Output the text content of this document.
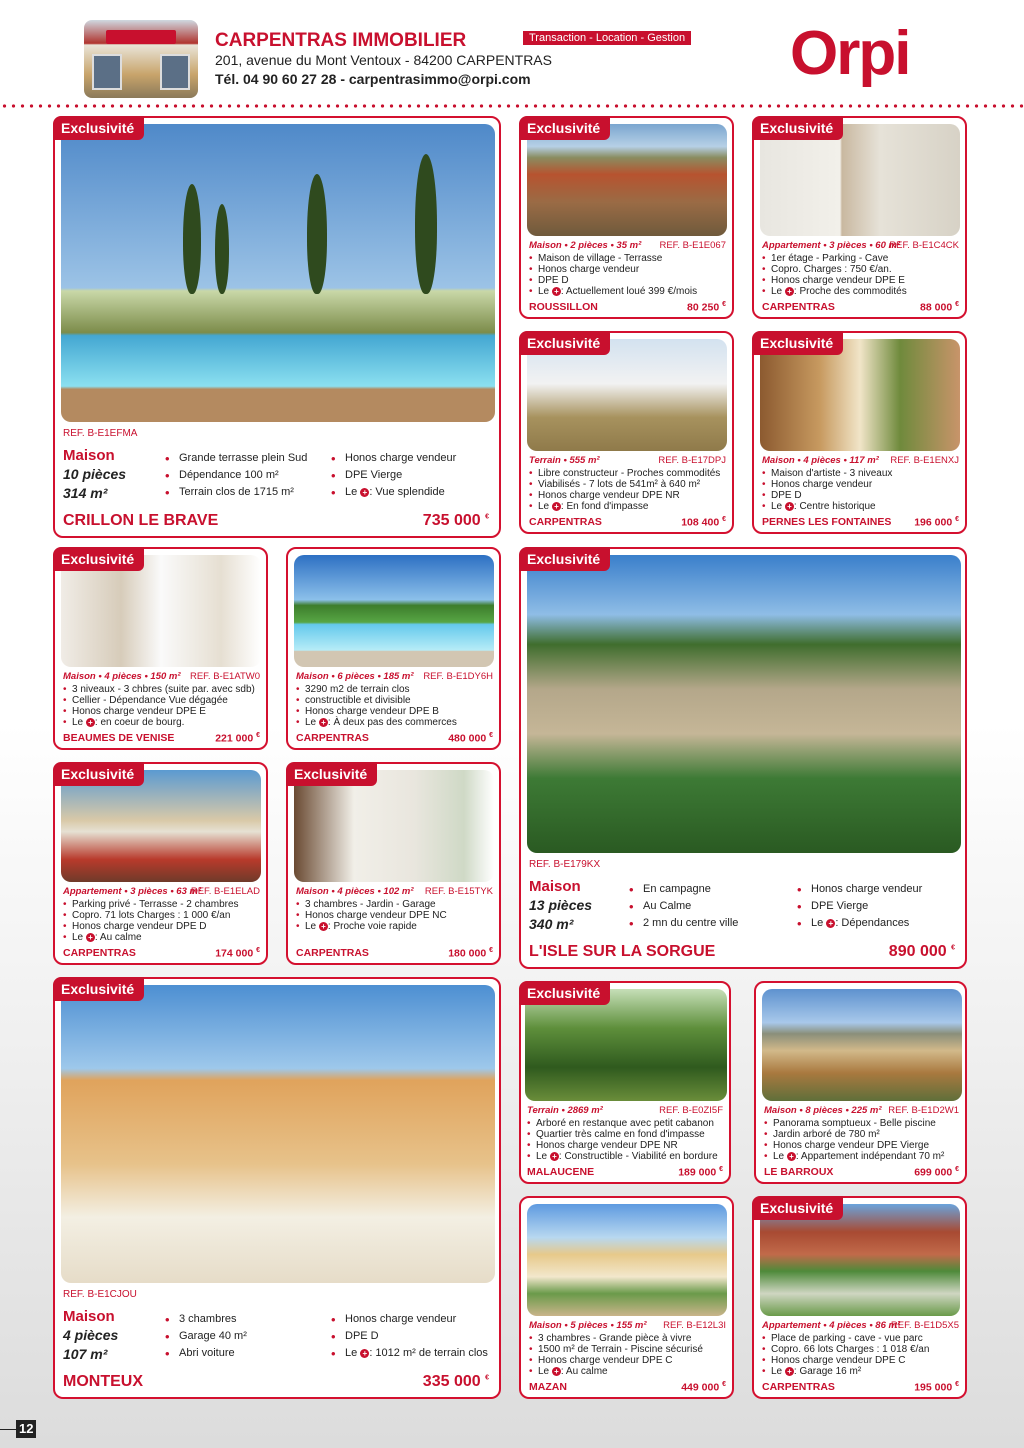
CARPENTRAS IMMOBILIER
201, avenue du Mont Ventoux - 84200 CARPENTRAS
Tél. 04 90 60 27 28 - carpentrasimmo@orpi.com
Transaction - Location - Gestion Orpi
Exclusivité
REF. B-E1EFMA
Maison
10 pièces
314 m²
• Grande terrasse plein Sud
• Dépendance 100 m²
• Terrain clos de 1715 m²
• Honos charge vendeur
• DPE Vierge
• Le + : Vue splendide
CRILLON LE BRAVE	735 000 €
Exclusivité
Maison • 2 pièces • 35 m² REF. B-E1E067
• Maison de village - Terrasse
• Honos charge vendeur
• DPE D
• Le + : Actuellement loué 399 €/mois
ROUSSILLON	80 250 €
Exclusivité
Appartement • 3 pièces • 60 m²
REF. B-E1C4CK
• 1er étage - Parking - Cave
• Copro. Charges : 750 €/an.
• Honos charge vendeur DPE E
• Le + : Proche des commodités
CARPENTRAS	88 000 €
Exclusivité
Terrain • 555 m²	REF. B-E17DPJ
• Libre constructeur - Proches commodités
• Viabilisés - 7 lots de 541m² à 640 m²
• Honos charge vendeur DPE NR
• Le + : En fond d'impasse
CARPENTRAS	108 400 €
Exclusivité
Maison • 4 pièces • 117 m² REF. B-E1ENXJ
• Maison d'artiste - 3 niveaux
• Honos charge vendeur
• DPE D
• Le + : Centre historique
PERNES LES FONTAINES 196 000 €
Exclusivité
Maison • 4 pièces • 150 m² REF. B-E1ATW0
• 3 niveaux - 3 chbres (suite par. avec sdb)
• Cellier - Dépendance Vue dégagée
• Honos charge vendeur DPE E
• Le + : en coeur de bourg.
BEAUMES DE VENISE	221 000 €
Maison • 6 pièces • 185 m² REF. B-E1DY6H
• 3290 m2 de terrain clos
• constructible et divisible
• Honos charge vendeur DPE B
• Le + : À deux pas des commerces
CARPENTRAS	480 000 €
Exclusivité
REF. B-E179KX
Maison
13 pièces
340 m²
• En campagne
• Au Calme
• 2 mn du centre ville
• Honos charge vendeur
• DPE Vierge
• Le + : Dépendances
L'ISLE SUR LA SORGUE	890 000 €
Exclusivité
Appartement • 3 pièces • 63 m²
REF. B-E1ELAD
• Parking privé - Terrasse - 2 chambres
• Copro. 71 lots Charges : 1 000 €/an
• Honos charge vendeur DPE D
• Le + : Au calme
CARPENTRAS	174 000 €
Exclusivité
Maison • 4 pièces • 102 m² REF. B-E15TYK
• 3 chambres - Jardin - Garage
• Honos charge vendeur DPE NC
• Le + : Proche voie rapide
CARPENTRAS	180 000 €
Exclusivité
REF. B-E1CJOU
Maison
4 pièces
107 m²
• 3 chambres
• Garage 40 m²
• Abri voiture
• Honos charge vendeur
• DPE D
• Le + : 1012 m² de terrain clos
MONTEUX	335 000 €
Exclusivité
Terrain • 2869 m²	REF. B-E0ZI5F
• Arboré en restanque avec petit cabanon
• Quartier très calme en fond d'impasse
• Honos charge vendeur DPE NR
• Le + : Constructible - Viabilité en bordure
MALAUCENE	189 000 €
Maison • 8 pièces • 225 m² REF. B-E1D2W1
• Panorama somptueux - Belle piscine
• Jardin arboré de 780 m²
• Honos charge vendeur DPE Vierge
• Le + : Appartement indépendant 70 m²
LE BARROUX	699 000 €
Maison • 5 pièces • 155 m² REF. B-E12L3I
• 3 chambres - Grande pièce à vivre
• 1500 m² de Terrain - Piscine sécurisé
• Honos charge vendeur DPE C
• Le + : Au calme
MAZAN	449 000 €
Exclusivité
Appartement • 4 pièces • 86 m²
REF. B-E1D5X5
• Place de parking - cave - vue parc
• Copro. 66 lots Charges : 1 018 €/an
• Honos charge vendeur DPE C
• Le + : Garage 16 m²
CARPENTRAS	195 000 €
12
